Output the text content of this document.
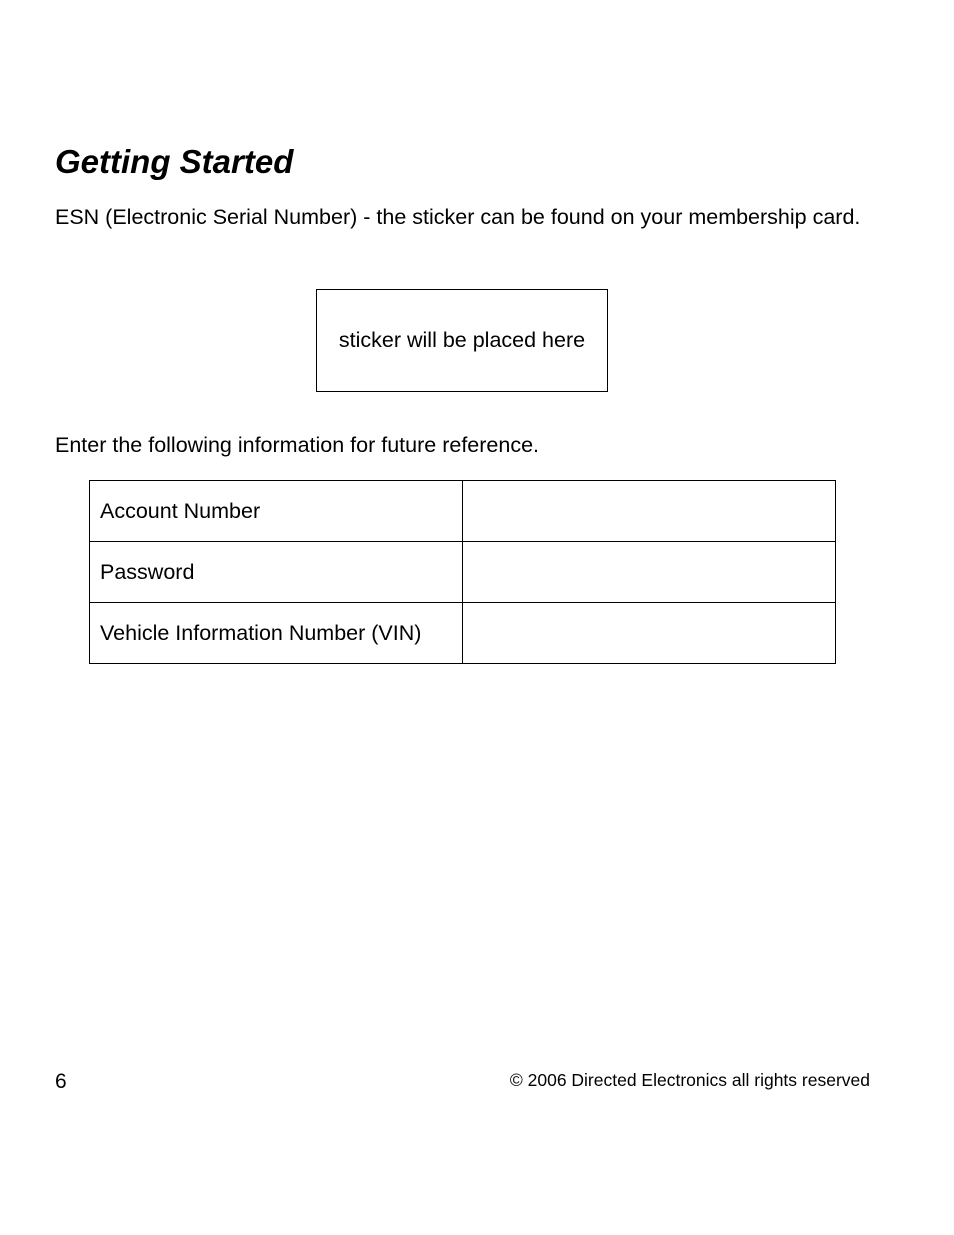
Getting Started

ESN (Electronic Serial Number) - the sticker can be found on your membership card.

sticker will be placed here

Enter the following information for future reference.

Account Number	
Password	
Vehicle Information Number (VIN)	
6	© 2006 Directed Electronics all rights reserved
